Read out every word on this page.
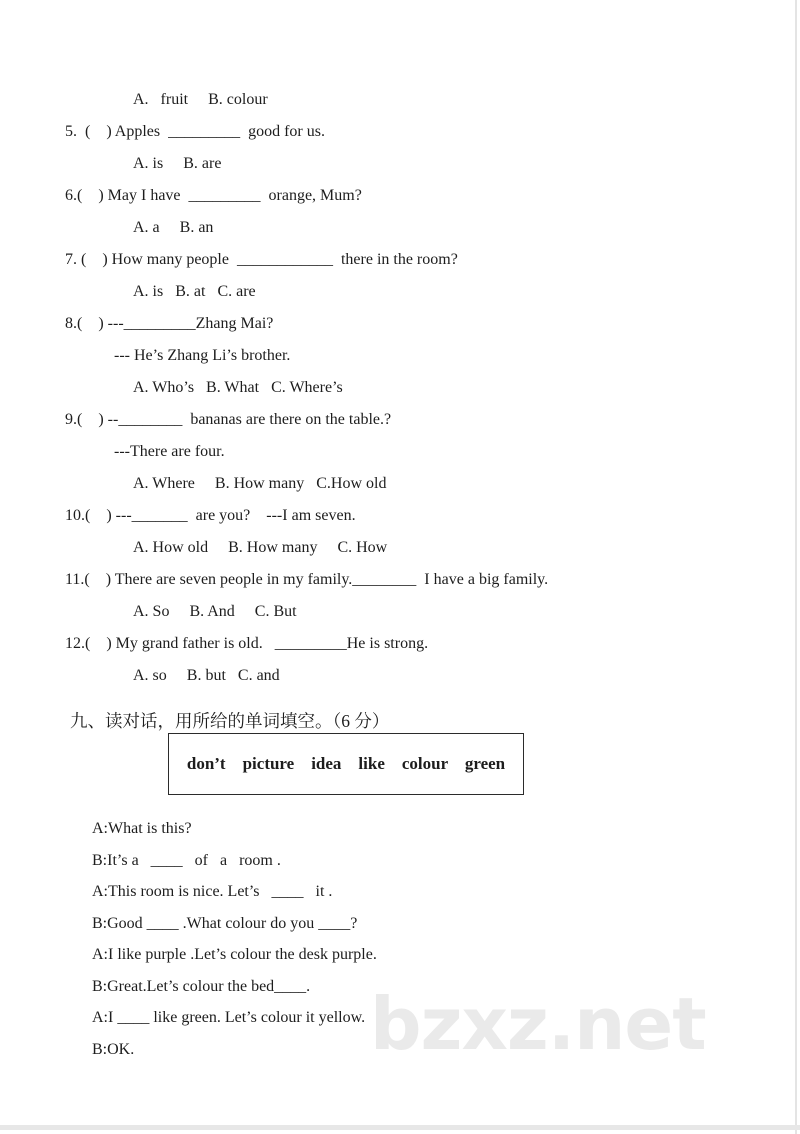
bzxz.net
A.   fruit     B. colour
5.  (    ) Apples  _________  good for us.
A. is     B. are
6.(    ) May I have  _________  orange, Mum?
A. a     B. an
7. (    ) How many people  ____________  there in the room?
A. is   B. at   C. are
8.(    ) ---_________Zhang Mai?
--- He’s Zhang Li’s brother.
A. Who’s   B. What   C. Where’s
9.(    ) --________  bananas are there on the table.?
---There are four.
A. Where     B. How many   C.How old
10.(    ) ---_______  are you?    ---I am seven.
A. How old     B. How many     C. How
11.(    ) There are seven people in my family.________  I have a big family.
A. So     B. And     C. But
12.(    ) My grand father is old.   _________He is strong.
A. so     B. but   C. and
九、读对话，用所给的单词填空。（6 分）
don’t    picture    idea    like    colour    green
A:What is this?
B:It’s a   ____   of   a   room .
A:This room is nice. Let’s   ____   it .
B:Good ____ .What colour do you ____?
A:I like purple .Let’s colour the desk purple.
B:Great.Let’s colour the bed____.
A:I ____ like green. Let’s colour it yellow.
B:OK.
